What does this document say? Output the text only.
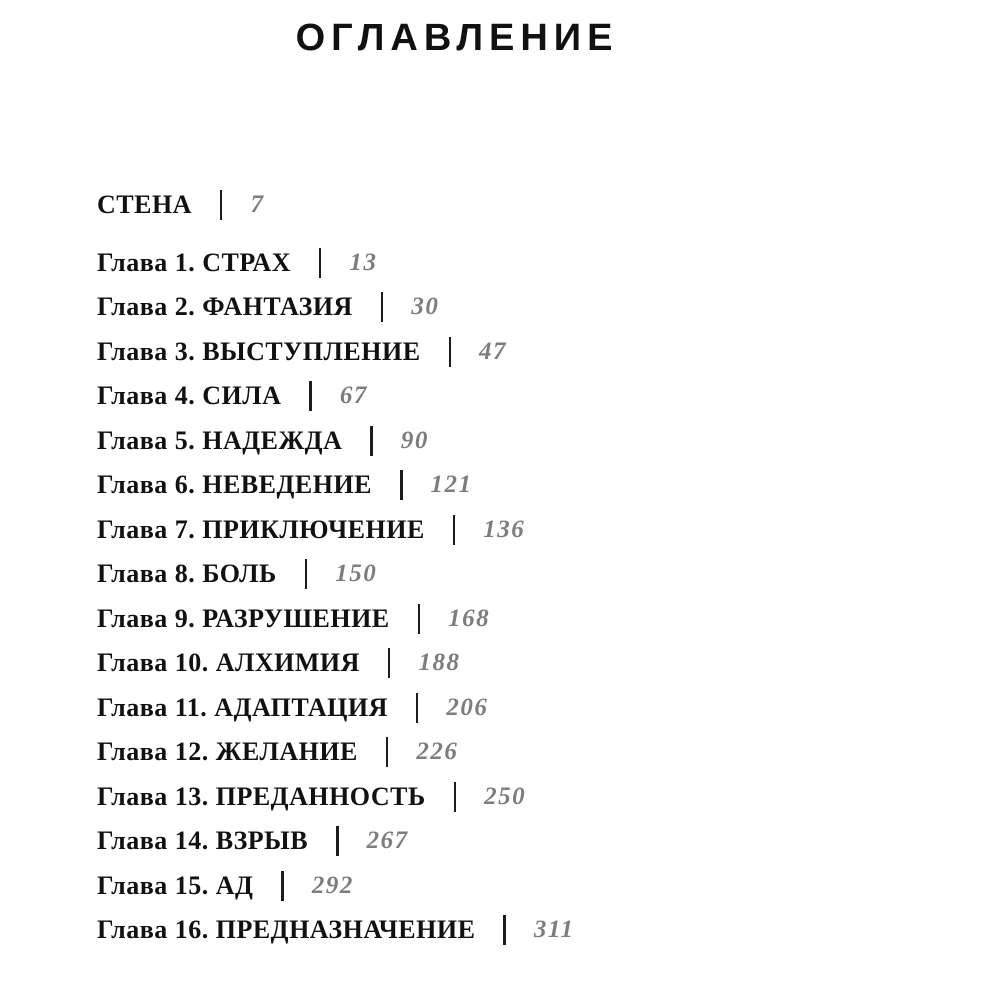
ОГЛАВЛЕНИЕ
СТЕНА 7
Глава 1. СТРАХ 13
Глава 2. ФАНТАЗИЯ 30
Глава 3. ВЫСТУПЛЕНИЕ 47
Глава 4. СИЛА 67
Глава 5. НАДЕЖДА 90
Глава 6. НЕВЕДЕНИЕ 121
Глава 7. ПРИКЛЮЧЕНИЕ 136
Глава 8. БОЛЬ 150
Глава 9. РАЗРУШЕНИЕ 168
Глава 10. АЛХИМИЯ 188
Глава 11. АДАПТАЦИЯ 206
Глава 12. ЖЕЛАНИЕ 226
Глава 13. ПРЕДАННОСТЬ 250
Глава 14. ВЗРЫВ 267
Глава 15. АД 292
Глава 16. ПРЕДНАЗНАЧЕНИЕ 311
